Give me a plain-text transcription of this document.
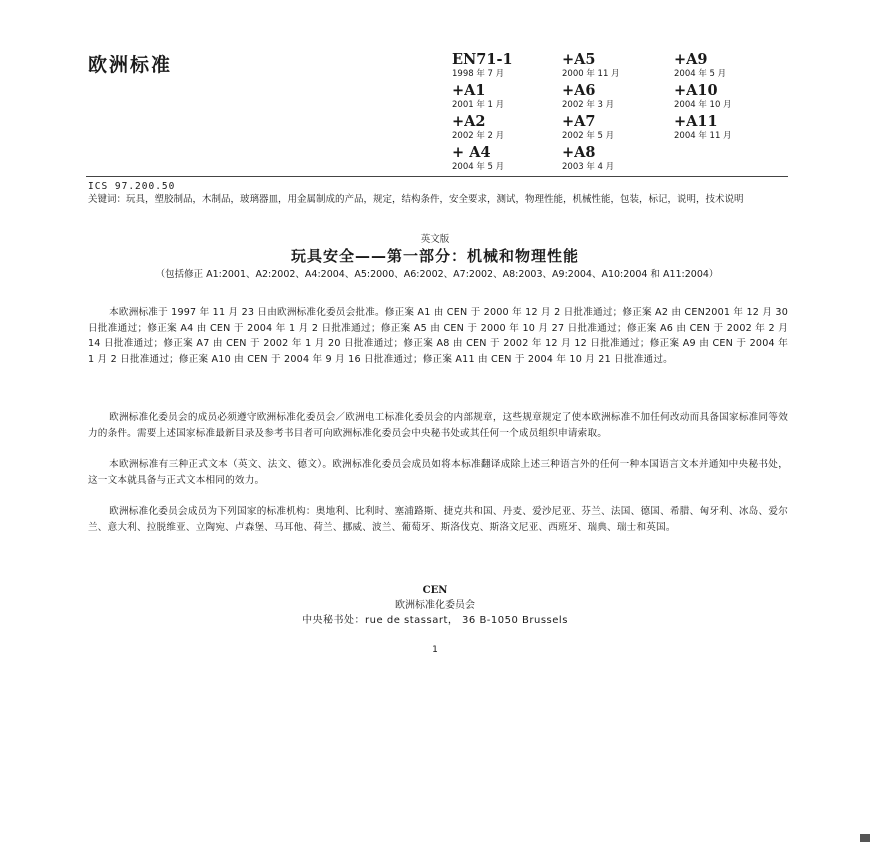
欧洲标准	EN71-1
1998 年 7 月
+A5
2000 年 11 月
+A9
2004 年 5 月
+A1
2001 年 1 月
+A6
2002 年 3 月
+A10
2004 年 10 月
+A2
2002 年 2 月
+A7
2002 年 5 月
+A11
2004 年 11 月
+ A4
2004 年 5 月
+A8
2003 年 4 月
ICS 97.200.50
关键词：玩具，塑胶制品，木制品，玻璃器皿，用金属制成的产品，规定，结构条件，安全要求，测试，物理性能，机械性能，包装，标记，说明，技术说明
英文版
玩具安全——第一部分：机械和物理性能
（包括修正 A1:2001、A2:2002、A4:2004、A5:2000、A6:2002、A7:2002、A8:2003、A9:2004、A10:2004 和 A11:2004）
本欧洲标准于 1997 年 11 月 23 日由欧洲标准化委员会批准。修正案 A1 由 CEN 于 2000 年 12 月 2 日批准通过；修正案 A2 由 CEN2001 年 12 月 30 日批准通过；修正案 A4 由 CEN 于 2004 年 1 月 2 日批准通过；修正案 A5 由 CEN 于 2000 年 10 月 27 日批准通过；修正案 A6 由 CEN 于 2002 年 2 月 14 日批准通过；修正案 A7 由 CEN 于 2002 年 1 月 20 日批准通过；修正案 A8 由 CEN 于 2002 年 12 月 12 日批准通过；修正案 A9 由 CEN 于 2004 年 1 月 2 日批准通过；修正案 A10 由 CEN 于 2004 年 9 月 16 日批准通过；修正案 A11 由 CEN 于 2004 年 10 月 21 日批准通过。
欧洲标准化委员会的成员必须遵守欧洲标准化委员会／欧洲电工标准化委员会的内部规章，这些规章规定了使本欧洲标准不加任何改动而具备国家标准同等效力的条件。需要上述国家标准最新目录及参考书目者可向欧洲标准化委员会中央秘书处或其任何一个成员组织申请索取。
本欧洲标准有三种正式文本（英文、法文、德文）。欧洲标准化委员会成员如将本标准翻译成除上述三种语言外的任何一种本国语言文本并通知中央秘书处，这一文本就具备与正式文本相同的效力。
欧洲标准化委员会成员为下列国家的标准机构：奥地利、比利时、塞浦路斯、捷克共和国、丹麦、爱沙尼亚、芬兰、法国、德国、希腊、匈牙利、冰岛、爱尔兰、意大利、拉脱维亚、立陶宛、卢森堡、马耳他、荷兰、挪威、波兰、葡萄牙、斯洛伐克、斯洛文尼亚、西班牙、瑞典、瑞士和英国。
CEN
欧洲标准化委员会
中央秘书处：rue de stassart， 36 B-1050 Brussels
1
